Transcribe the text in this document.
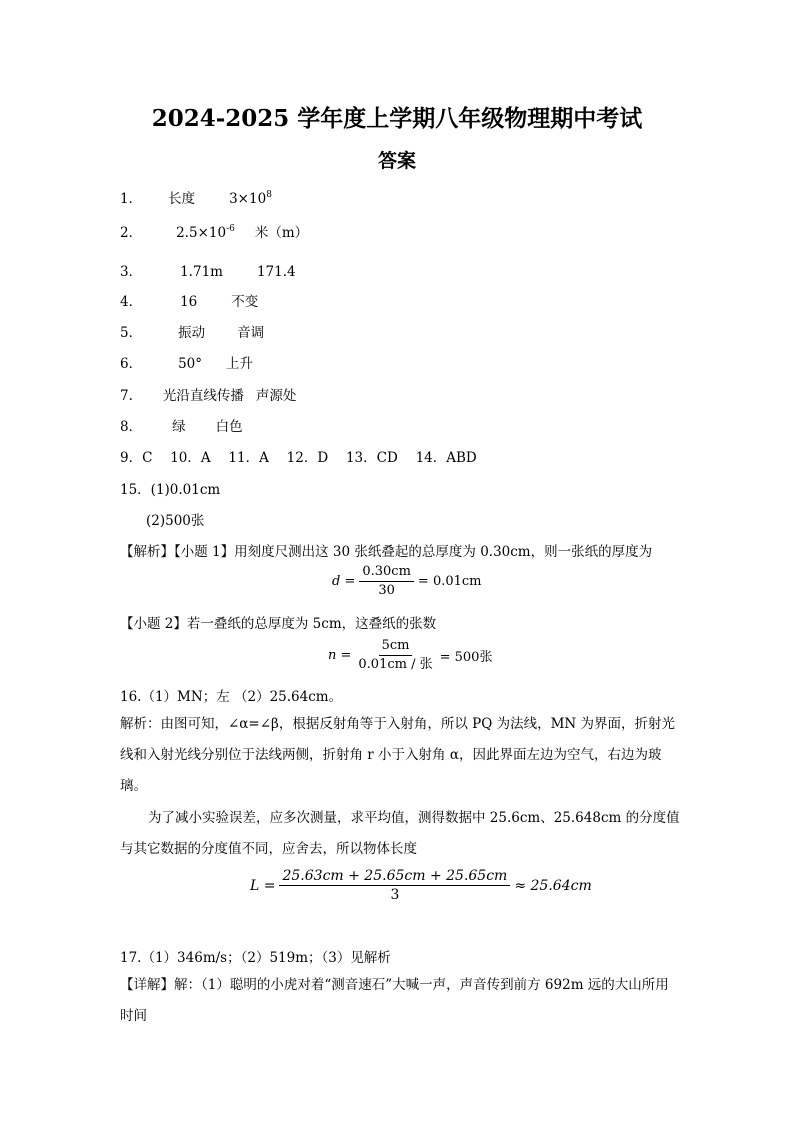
2024-2025 学年度上学期八年级物理期中考试
答案
1． 长度	$3\times 10^8$
2．	$2.5\times 10^{-6}$ 米（m）
3．	1.71m	171.4
4．	16	不变
5．	振动 音调
6．	50° 上升
7. 光沿直线传播 声源处
8． 绿 白色
9．C　 10．A　 11．A　 12．D　 13．CD　 14．ABD
15．(1)0.01cm
(2)500张
【解析】【小题 1】用刻度尺测出这 30 张纸叠起的总厚度为 0.30cm，则一张纸的厚度为
$d = \frac{0.30cm}{30} = 0.01cm$
【小题 2】若一叠纸的总厚度为 5cm，这叠纸的张数
$n = \frac{5cm}{\text{0.01cm / 张}} = 500$张
16.（1）MN；左 （2）25.64cm。
解析：由图可知，∠α=∠β，根据反射角等于入射角，所以 PQ 为法线，MN 为界面，折射光线和入射光线分别位于法线两侧，折射角 r 小于入射角 α，因此界面左边为空气，右边为玻璃。
为了减小实验误差，应多次测量，求平均值，测得数据中 25.6cm、25.648cm 的分度值与其它数据的分度值不同，应舍去，所以物体长度
$L = \frac{25.63cm + 25.65cm + 25.65cm}{3} \approx 25.64cm$
17.（1）346m/s；（2）519m；（3）见解析
【详解】解：（1）聪明的小虎对着“测音速石”大喊一声，声音传到前方 692m 远的大山所用时间
